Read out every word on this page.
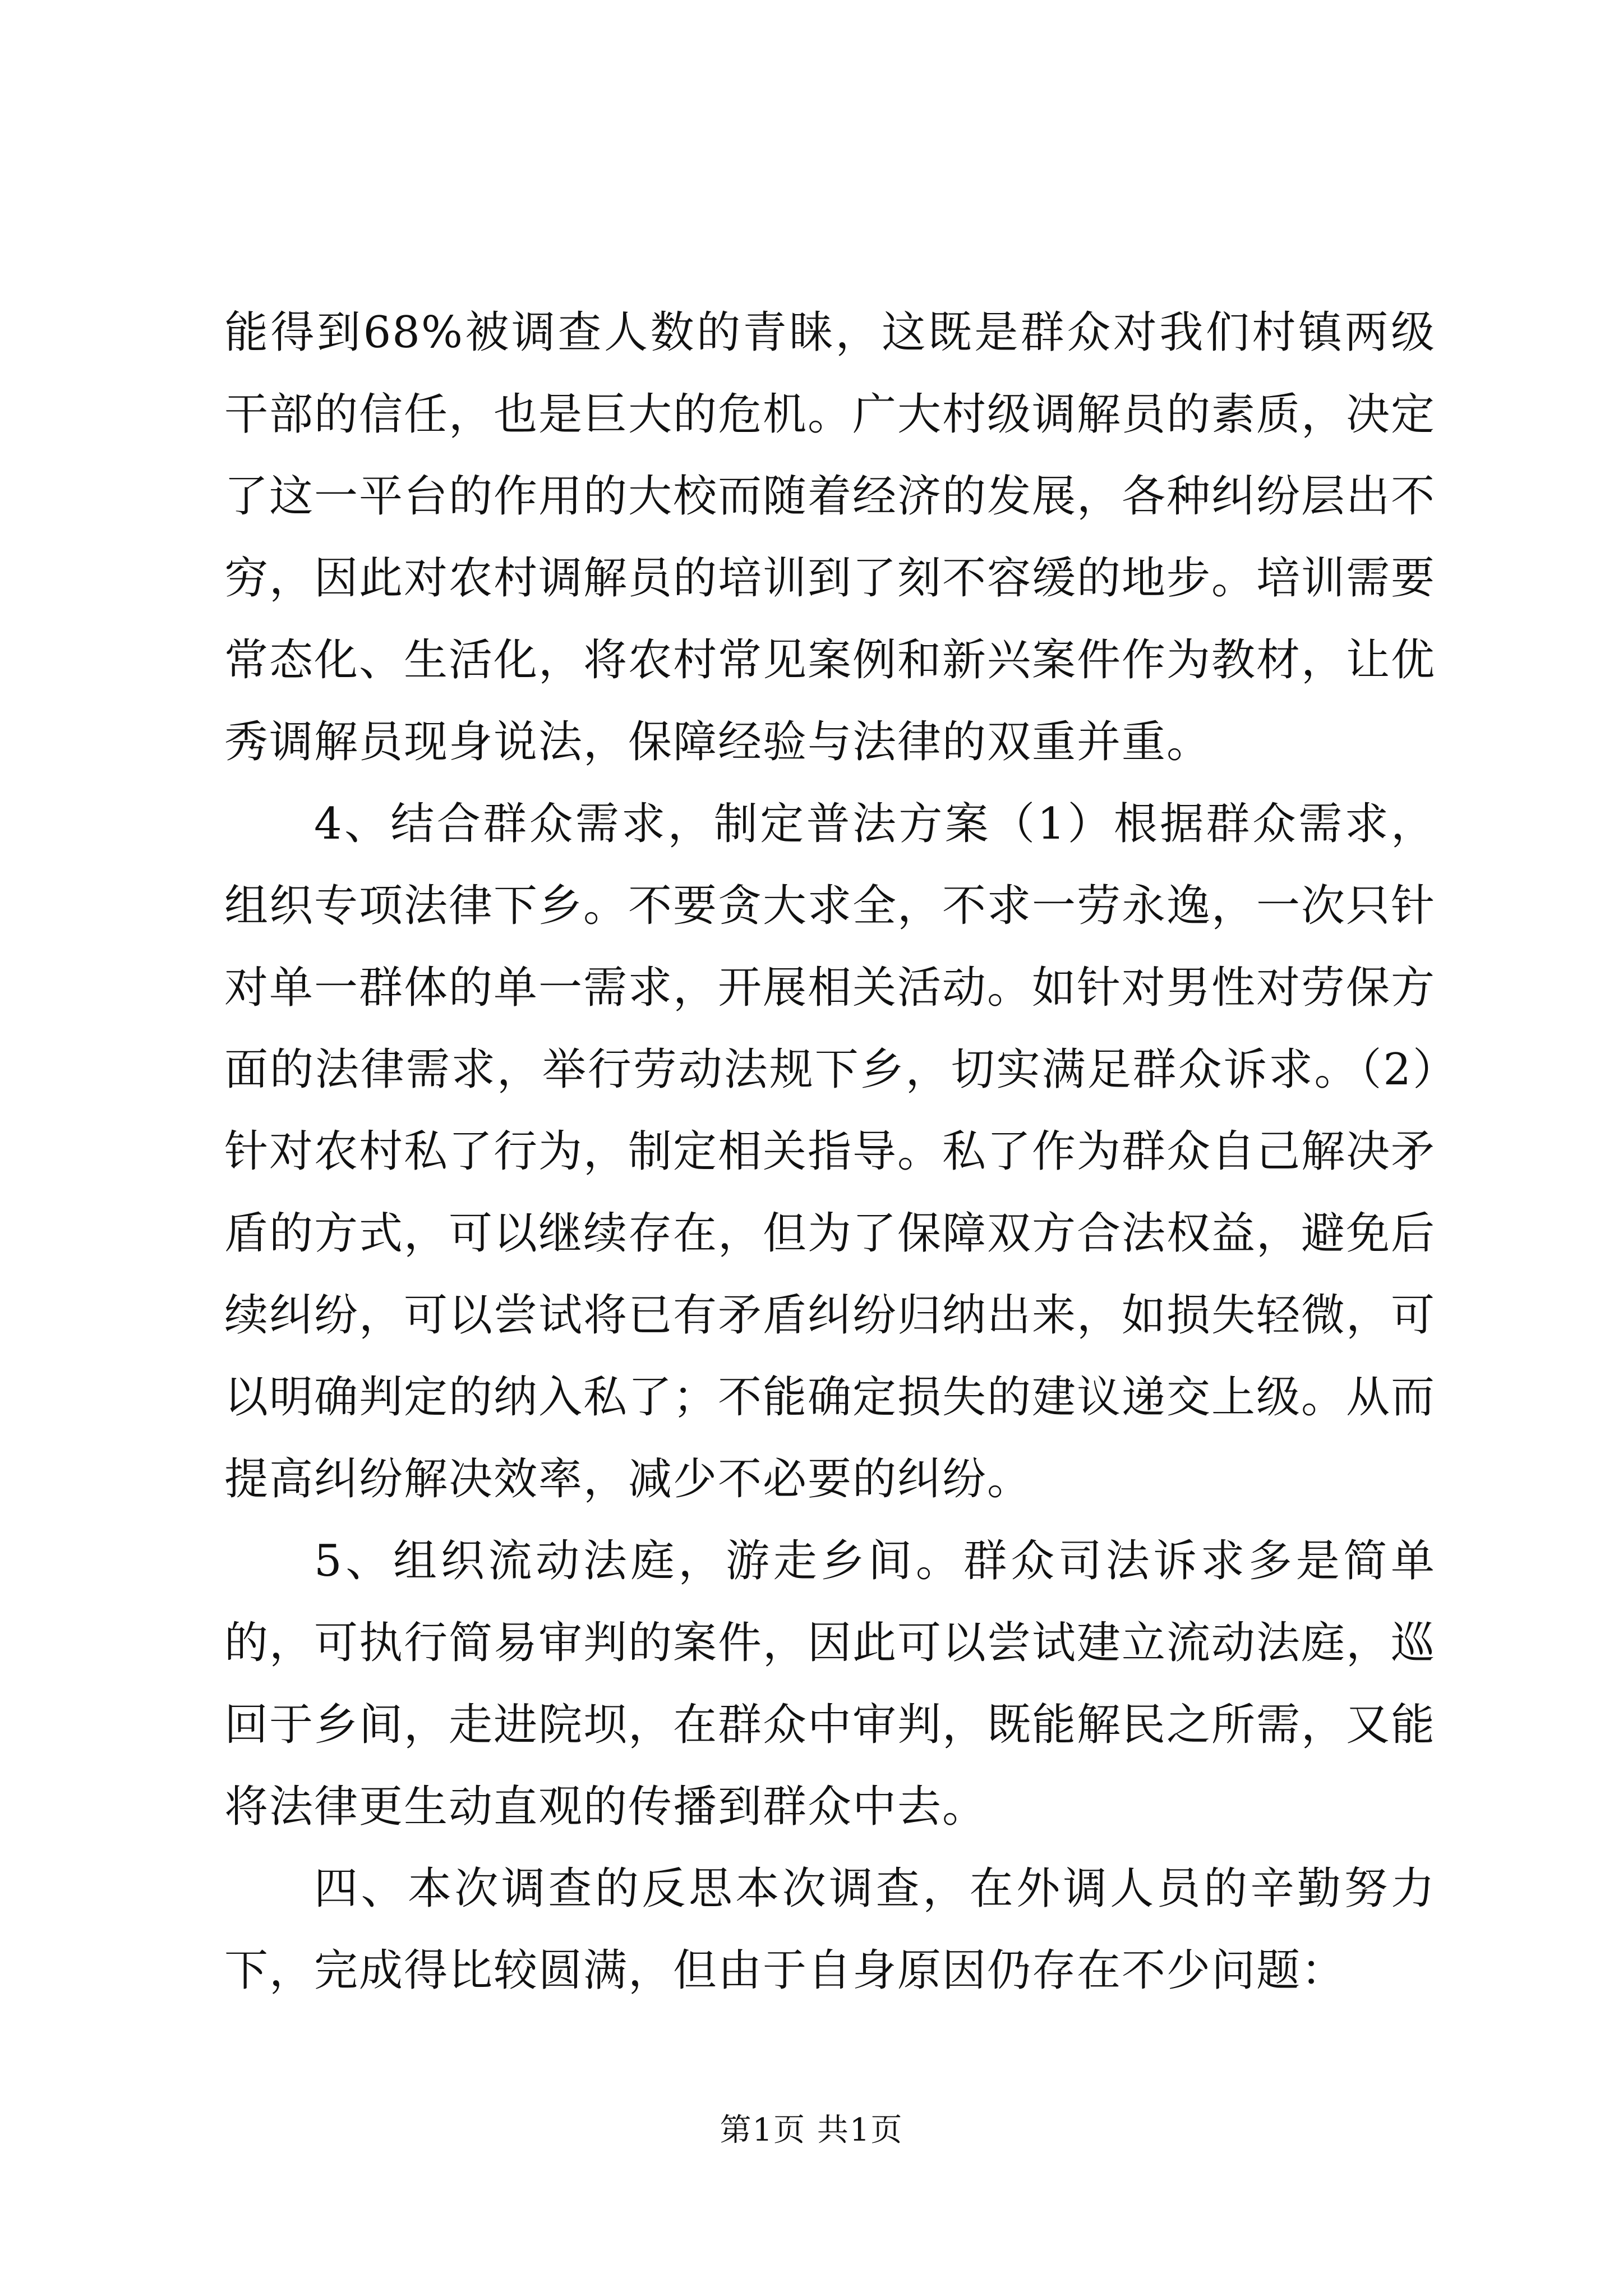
能得到68%被调查人数的青睐，这既是群众对我们村镇两级干部的信任，也是巨大的危机。广大村级调解员的素质，决定了这一平台的作用的大校而随着经济的发展，各种纠纷层出不穷，因此对农村调解员的培训到了刻不容缓的地步。培训需要常态化、生活化，将农村常见案例和新兴案件作为教材，让优秀调解员现身说法，保障经验与法律的双重并重。

4、结合群众需求，制定普法方案（1）根据群众需求，组织专项法律下乡。不要贪大求全，不求一劳永逸，一次只针对单一群体的单一需求，开展相关活动。如针对男性对劳保方面的法律需求，举行劳动法规下乡，切实满足群众诉求。（2）针对农村私了行为，制定相关指导。私了作为群众自己解决矛盾的方式，可以继续存在，但为了保障双方合法权益，避免后续纠纷，可以尝试将已有矛盾纠纷归纳出来，如损失轻微，可以明确判定的纳入私了；不能确定损失的建议递交上级。从而提高纠纷解决效率，减少不必要的纠纷。

5、组织流动法庭，游走乡间。群众司法诉求多是简单的，可执行简易审判的案件，因此可以尝试建立流动法庭，巡回于乡间，走进院坝，在群众中审判，既能解民之所需，又能将法律更生动直观的传播到群众中去。

四、本次调查的反思本次调查，在外调人员的辛勤努力下，完成得比较圆满，但由于自身原因仍存在不少问题：

第1页 共1页
